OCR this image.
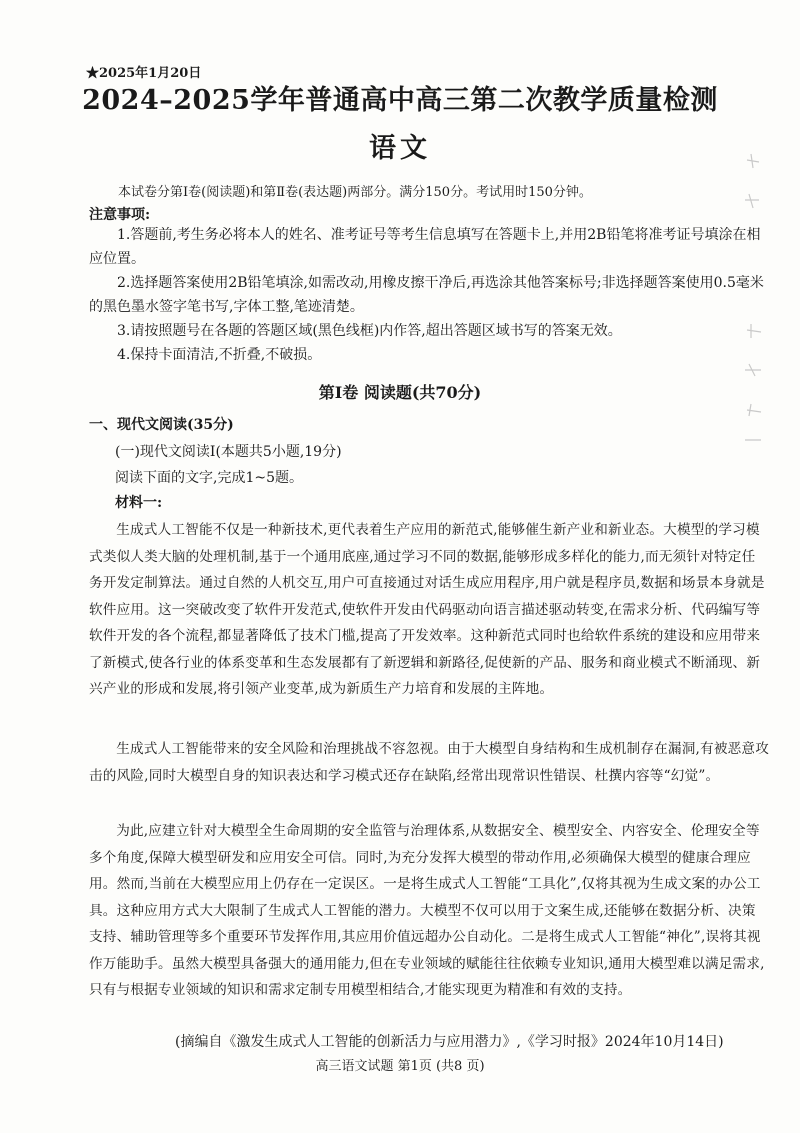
★2025年1月20日
2024–2025学年普通高中高三第二次教学质量检测
语文
本试卷分第Ⅰ卷(阅读题)和第Ⅱ卷(表达题)两部分。满分150分。考试用时150分钟。
注意事项:
1.答题前,考生务必将本人的姓名、准考证号等考生信息填写在答题卡上,并用2B铅笔将准考证号填涂在相应位置。
2.选择题答案使用2B铅笔填涂,如需改动,用橡皮擦干净后,再选涂其他答案标号;非选择题答案使用0.5毫米的黑色墨水签字笔书写,字体工整,笔迹清楚。
3.请按照题号在各题的答题区域(黑色线框)内作答,超出答题区域书写的答案无效。
4.保持卡面清洁,不折叠,不破损。
第Ⅰ卷 阅读题(共70分)
一、现代文阅读(35分)
(一)现代文阅读Ⅰ(本题共5小题,19分)
阅读下面的文字,完成1~5题。
材料一:
生成式人工智能不仅是一种新技术,更代表着生产应用的新范式,能够催生新产业和新业态。大模型的学习模式类似人类大脑的处理机制,基于一个通用底座,通过学习不同的数据,能够形成多样化的能力,而无须针对特定任务开发定制算法。通过自然的人机交互,用户可直接通过对话生成应用程序,用户就是程序员,数据和场景本身就是软件应用。这一突破改变了软件开发范式,使软件开发由代码驱动向语言描述驱动转变,在需求分析、代码编写等软件开发的各个流程,都显著降低了技术门槛,提高了开发效率。这种新范式同时也给软件系统的建设和应用带来了新模式,使各行业的体系变革和生态发展都有了新逻辑和新路径,促使新的产品、服务和商业模式不断涌现、新兴产业的形成和发展,将引领产业变革,成为新质生产力培育和发展的主阵地。
生成式人工智能带来的安全风险和治理挑战不容忽视。由于大模型自身结构和生成机制存在漏洞,有被恶意攻击的风险,同时大模型自身的知识表达和学习模式还存在缺陷,经常出现常识性错误、杜撰内容等“幻觉”。
为此,应建立针对大模型全生命周期的安全监管与治理体系,从数据安全、模型安全、内容安全、伦理安全等多个角度,保障大模型研发和应用安全可信。同时,为充分发挥大模型的带动作用,必须确保大模型的健康合理应用。然而,当前在大模型应用上仍存在一定误区。一是将生成式人工智能“工具化”,仅将其视为生成文案的办公工具。这种应用方式大大限制了生成式人工智能的潜力。大模型不仅可以用于文案生成,还能够在数据分析、决策支持、辅助管理等多个重要环节发挥作用,其应用价值远超办公自动化。二是将生成式人工智能“神化”,误将其视作万能助手。虽然大模型具备强大的通用能力,但在专业领域的赋能往往依赖专业知识,通用大模型难以满足需求,只有与根据专业领域的知识和需求定制专用模型相结合,才能实现更为精准和有效的支持。
(摘编自《激发生成式人工智能的创新活力与应用潜力》,《学习时报》2024年10月14日)
高三语文试题 第1页 (共8 页)
